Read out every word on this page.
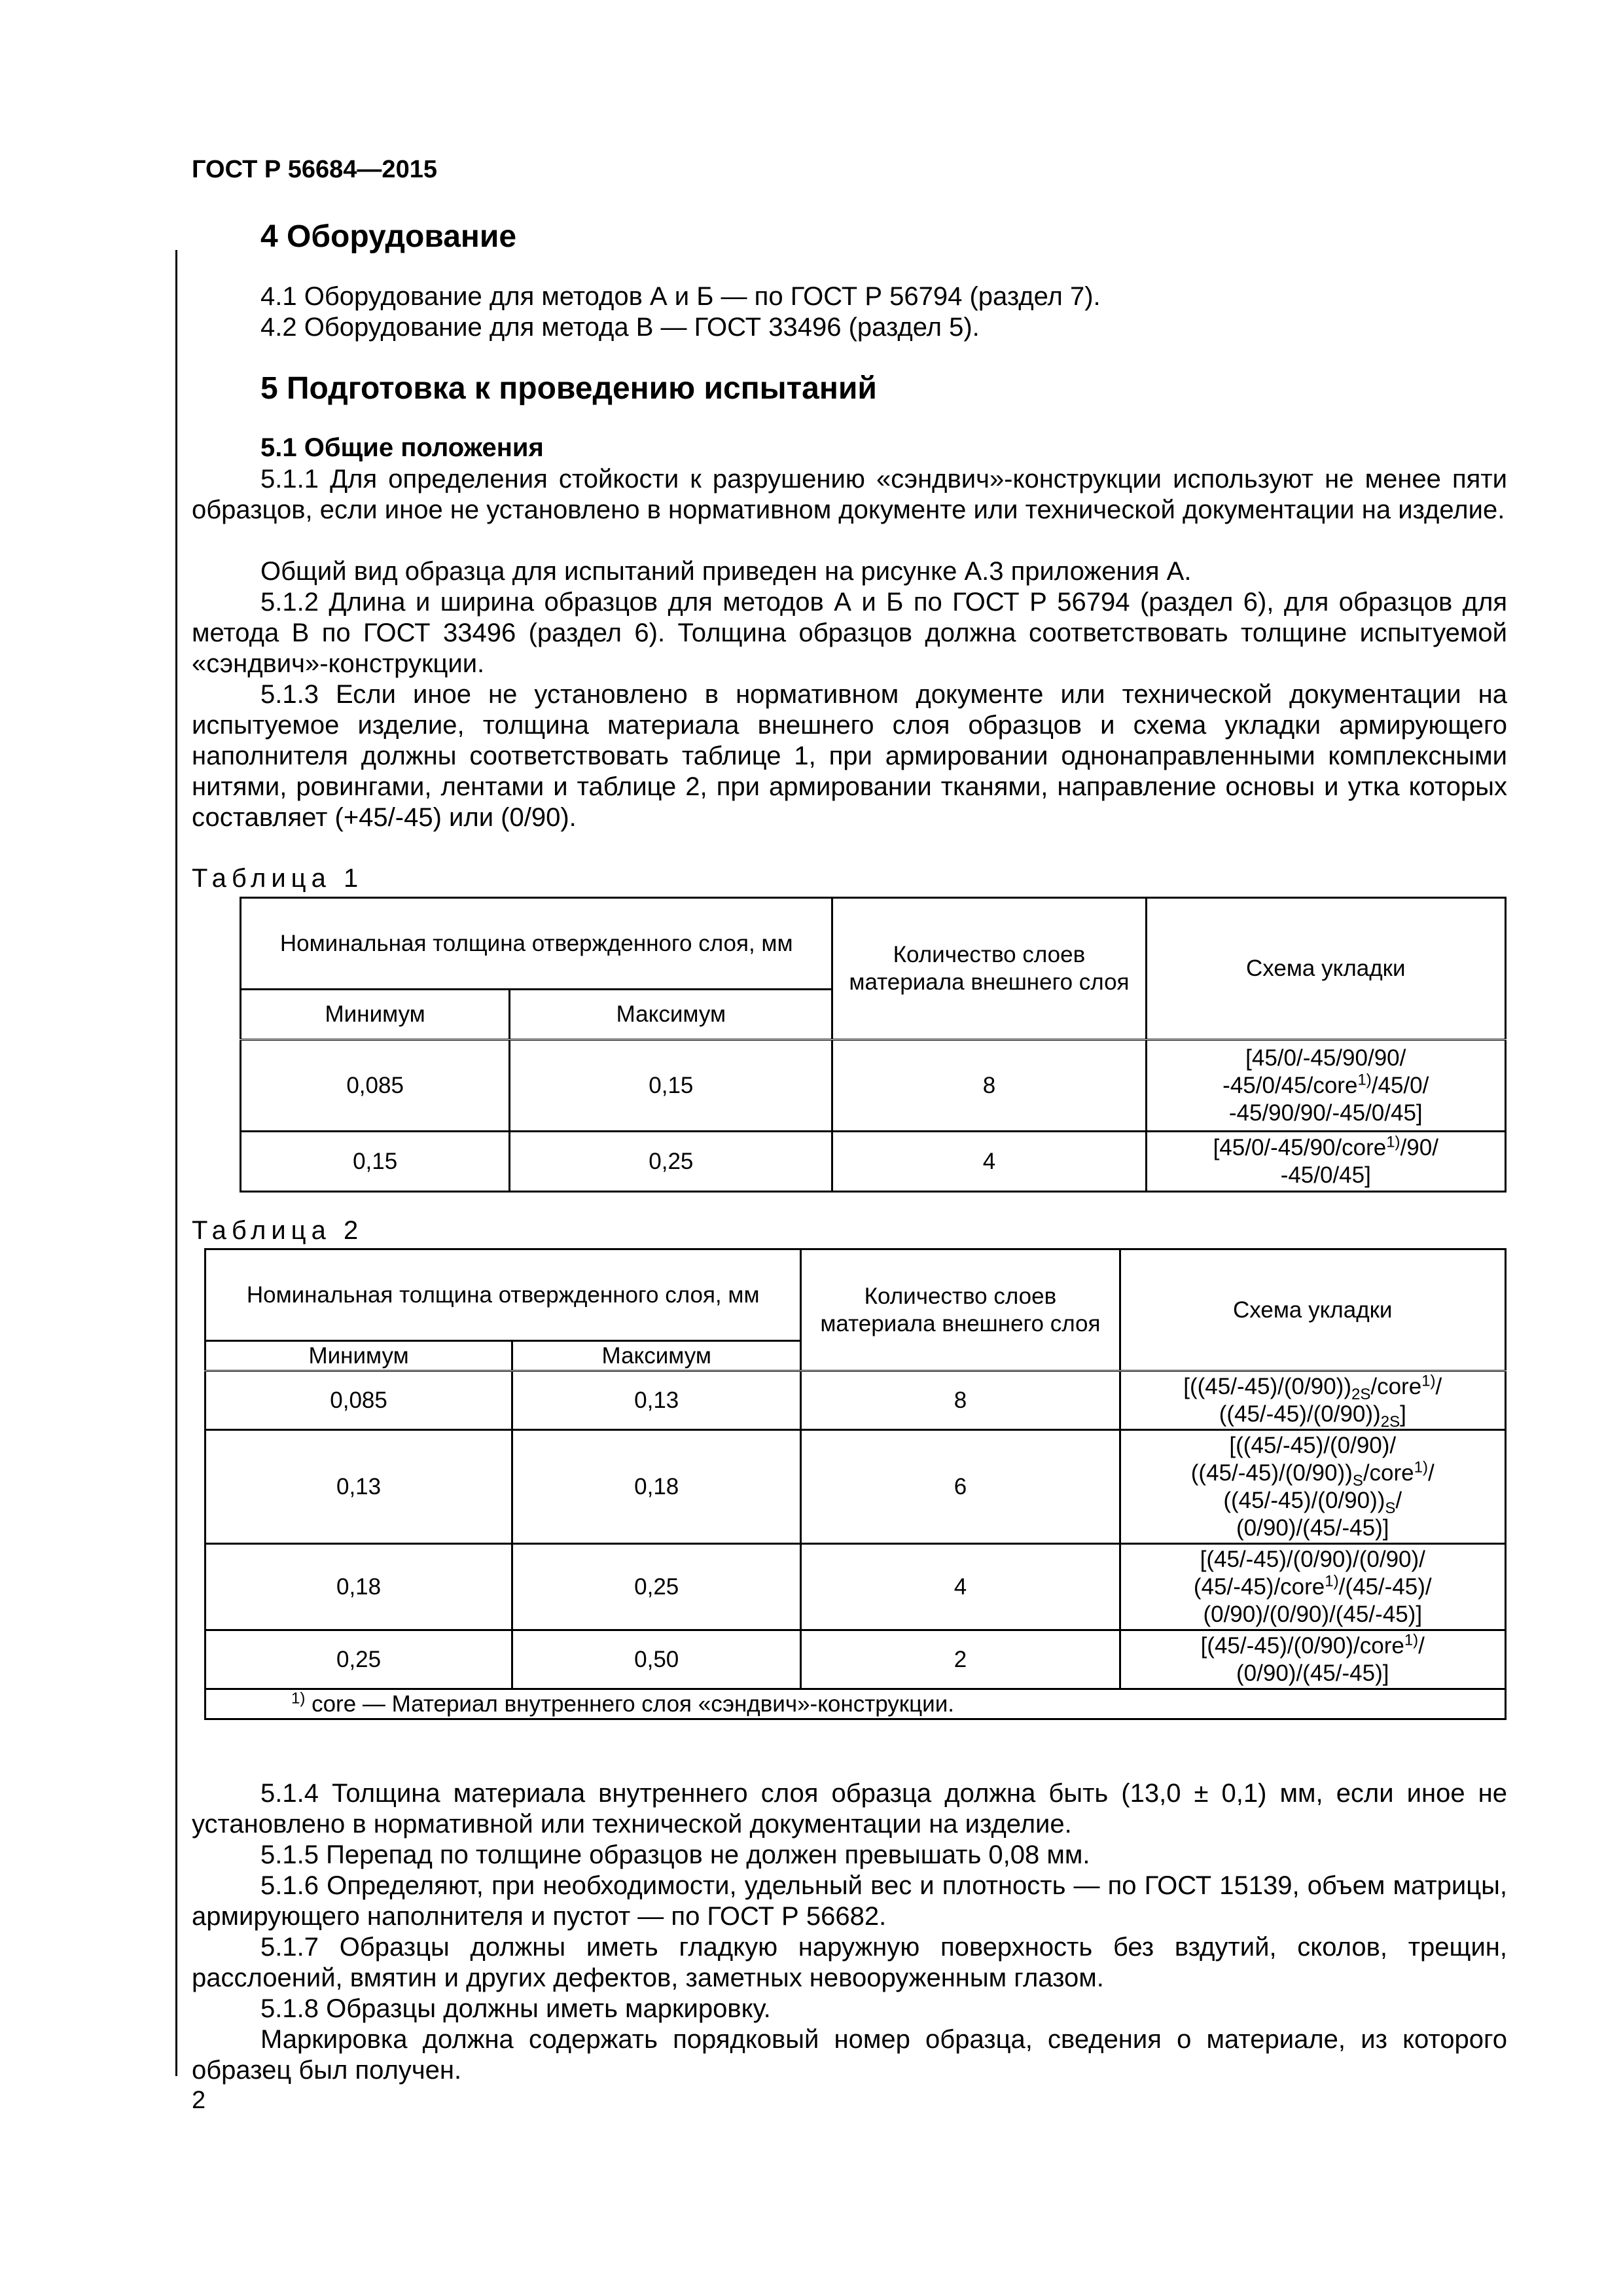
ГОСТ Р 56684—2015
4 Оборудование
4.1 Оборудование для методов А и Б — по ГОСТ Р 56794 (раздел 7).
4.2 Оборудование для метода В — ГОСТ 33496 (раздел 5).
5 Подготовка к проведению испытаний
5.1 Общие положения
5.1.1 Для определения стойкости к разрушению «сэндвич»-конструкции используют не менее пяти образцов, если иное не установлено в нормативном документе или технической документации на изделие.
Общий вид образца для испытаний приведен на рисунке А.3 приложения А.
5.1.2 Длина и ширина образцов для методов А и Б по ГОСТ Р 56794 (раздел 6), для образцов для метода В по ГОСТ 33496 (раздел 6). Толщина образцов должна соответствовать толщине испытуемой «сэндвич»-конструкции.
5.1.3 Если иное не установлено в нормативном документе или технической документации на испытуемое изделие, толщина материала внешнего слоя образцов и схема укладки армирующего наполнителя должны соответствовать таблице 1, при армировании однонаправленными комплексными нитями, ровингами, лентами и таблице 2, при армировании тканями, направление основы и утка которых составляет (+45/-45) или (0/90).
Таблица 1
Номинальная толщина отвержденного слоя, мм		Количество слоев материала внешнего слоя	Схема укладки
Минимум	Максимум		
0,085	0,15	8	[45/0/-45/90/90/
-45/0/45/core$^{1)}$/45/0/
-45/90/90/-45/0/45]
0,15	0,25	4	[45/0/-45/90/core$^{1)}$/90/
-45/0/45]
Таблица 2
Номинальная толщина отвержденного слоя, мм		Количество слоев материала внешнего слоя	Схема укладки
Минимум	Максимум		
0,085	0,13	8	[$((45/-45)/(0/90))_{2S}/core^{1)}/$
$((45/-45)/(0/90))_{2S}$]
0,13	0,18	6	[((45/-45)/(0/90)/
$((45/-45)/(0/90))_S/core^{1)}/$
$((45/-45)/(0/90))_S/$
(0/90)/(45/-45)]
0,18	0,25	4	[(45/-45)/(0/90)/(0/90)/
(45/-45)/core$^{1)}$/(45/-45)/
(0/90)/(0/90)/(45/-45)]
0,25	0,50	2	[(45/-45)/(0/90)/core$^{1)}$/
(0/90)/(45/-45)]
$^{1)}$ core — Материал внутреннего слоя «сэндвич»-конструкции.			
5.1.4 Толщина материала внутреннего слоя образца должна быть (13,0 ± 0,1) мм, если иное не установлено в нормативной или технической документации на изделие.
5.1.5 Перепад по толщине образцов не должен превышать 0,08 мм.
5.1.6 Определяют, при необходимости, удельный вес и плотность — по ГОСТ 15139, объем матрицы, армирующего наполнителя и пустот — по ГОСТ Р 56682.
5.1.7 Образцы должны иметь гладкую наружную поверхность без вздутий, сколов, трещин, расслоений, вмятин и других дефектов, заметных невооруженным глазом.
5.1.8 Образцы должны иметь маркировку.
Маркировка должна содержать порядковый номер образца, сведения о материале, из которого образец был получен.
2
